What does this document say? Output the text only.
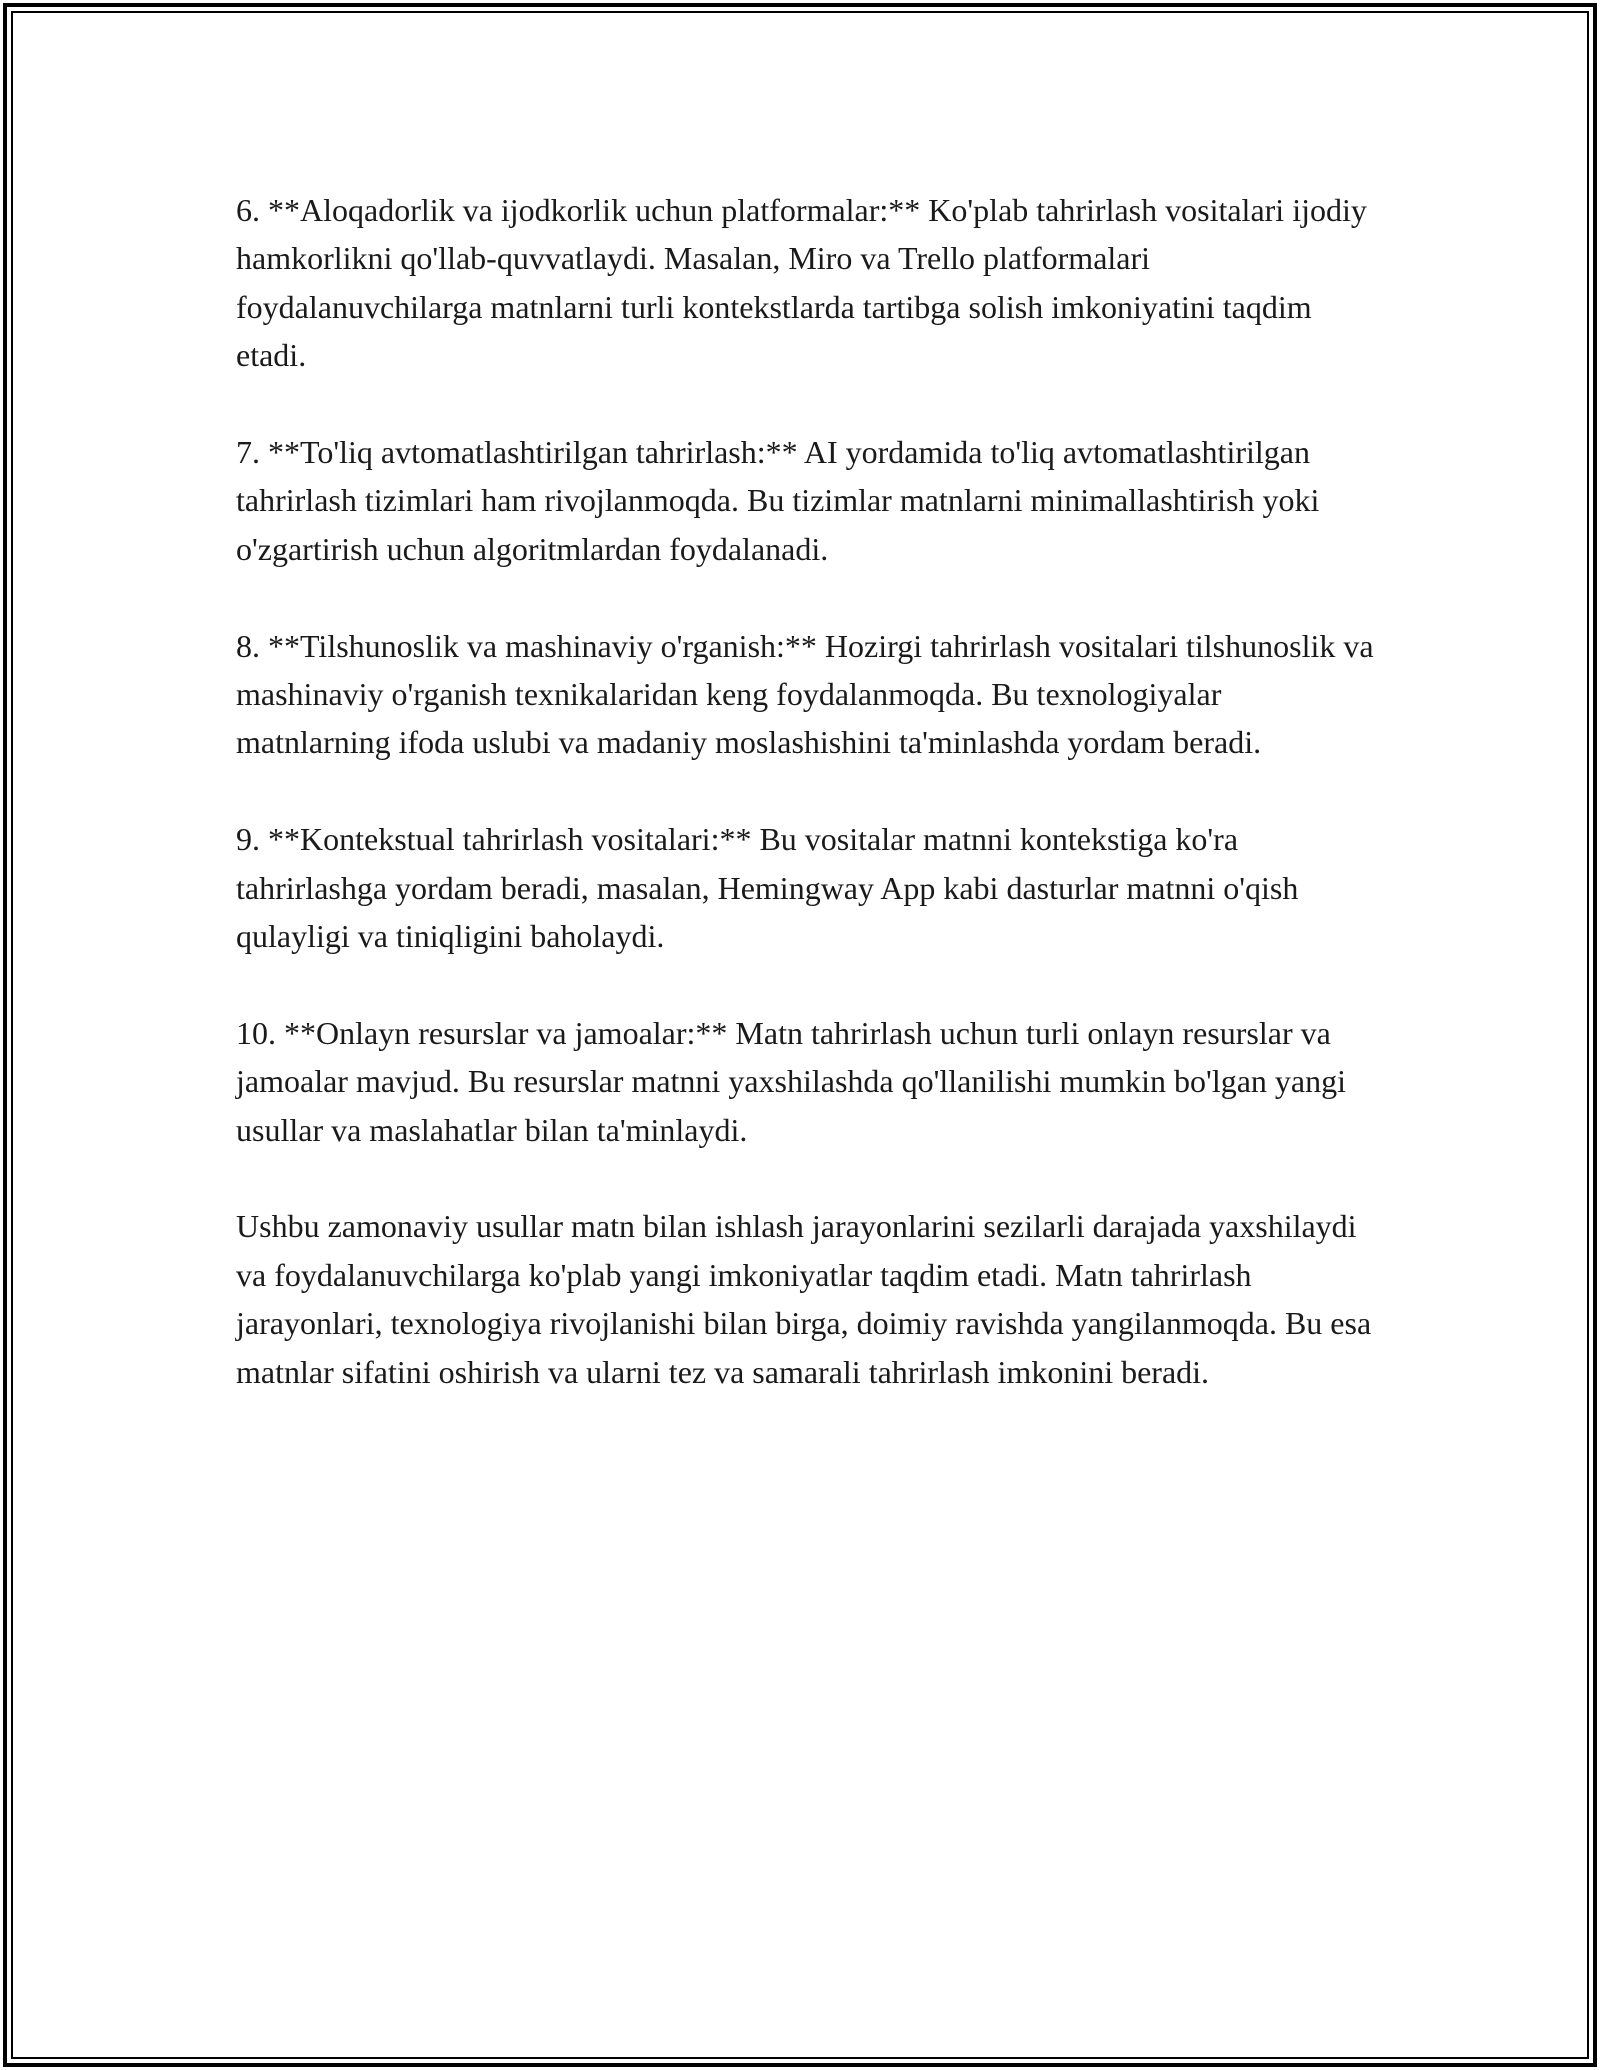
6. **Aloqadorlik va ijodkorlik uchun platformalar:** Ko'plab tahrirlash vositalari ijodiy hamkorlikni qo'llab-quvvatlaydi. Masalan, Miro va Trello platformalari foydalanuvchilarga matnlarni turli kontekstlarda tartibga solish imkoniyatini taqdim etadi.

7. **To'liq avtomatlashtirilgan tahrirlash:** AI yordamida to'liq avtomatlashtirilgan tahrirlash tizimlari ham rivojlanmoqda. Bu tizimlar matnlarni minimallashtirish yoki o'zgartirish uchun algoritmlardan foydalanadi.

8. **Tilshunoslik va mashinaviy o'rganish:** Hozirgi tahrirlash vositalari tilshunoslik va mashinaviy o'rganish texnikalaridan keng foydalanmoqda. Bu texnologiyalar matnlarning ifoda uslubi va madaniy moslashishini ta'minlashda yordam beradi.

9. **Kontekstual tahrirlash vositalari:** Bu vositalar matnni kontekstiga ko'ra tahrirlashga yordam beradi, masalan, Hemingway App kabi dasturlar matnni o'qish qulayligi va tiniqligini baholaydi.

10. **Onlayn resurslar va jamoalar:** Matn tahrirlash uchun turli onlayn resurslar va jamoalar mavjud. Bu resurslar matnni yaxshilashda qo'llanilishi mumkin bo'lgan yangi usullar va maslahatlar bilan ta'minlaydi.

Ushbu zamonaviy usullar matn bilan ishlash jarayonlarini sezilarli darajada yaxshilaydi va foydalanuvchilarga ko'plab yangi imkoniyatlar taqdim etadi. Matn tahrirlash jarayonlari, texnologiya rivojlanishi bilan birga, doimiy ravishda yangilanmoqda. Bu esa matnlar sifatini oshirish va ularni tez va samarali tahrirlash imkonini beradi.
